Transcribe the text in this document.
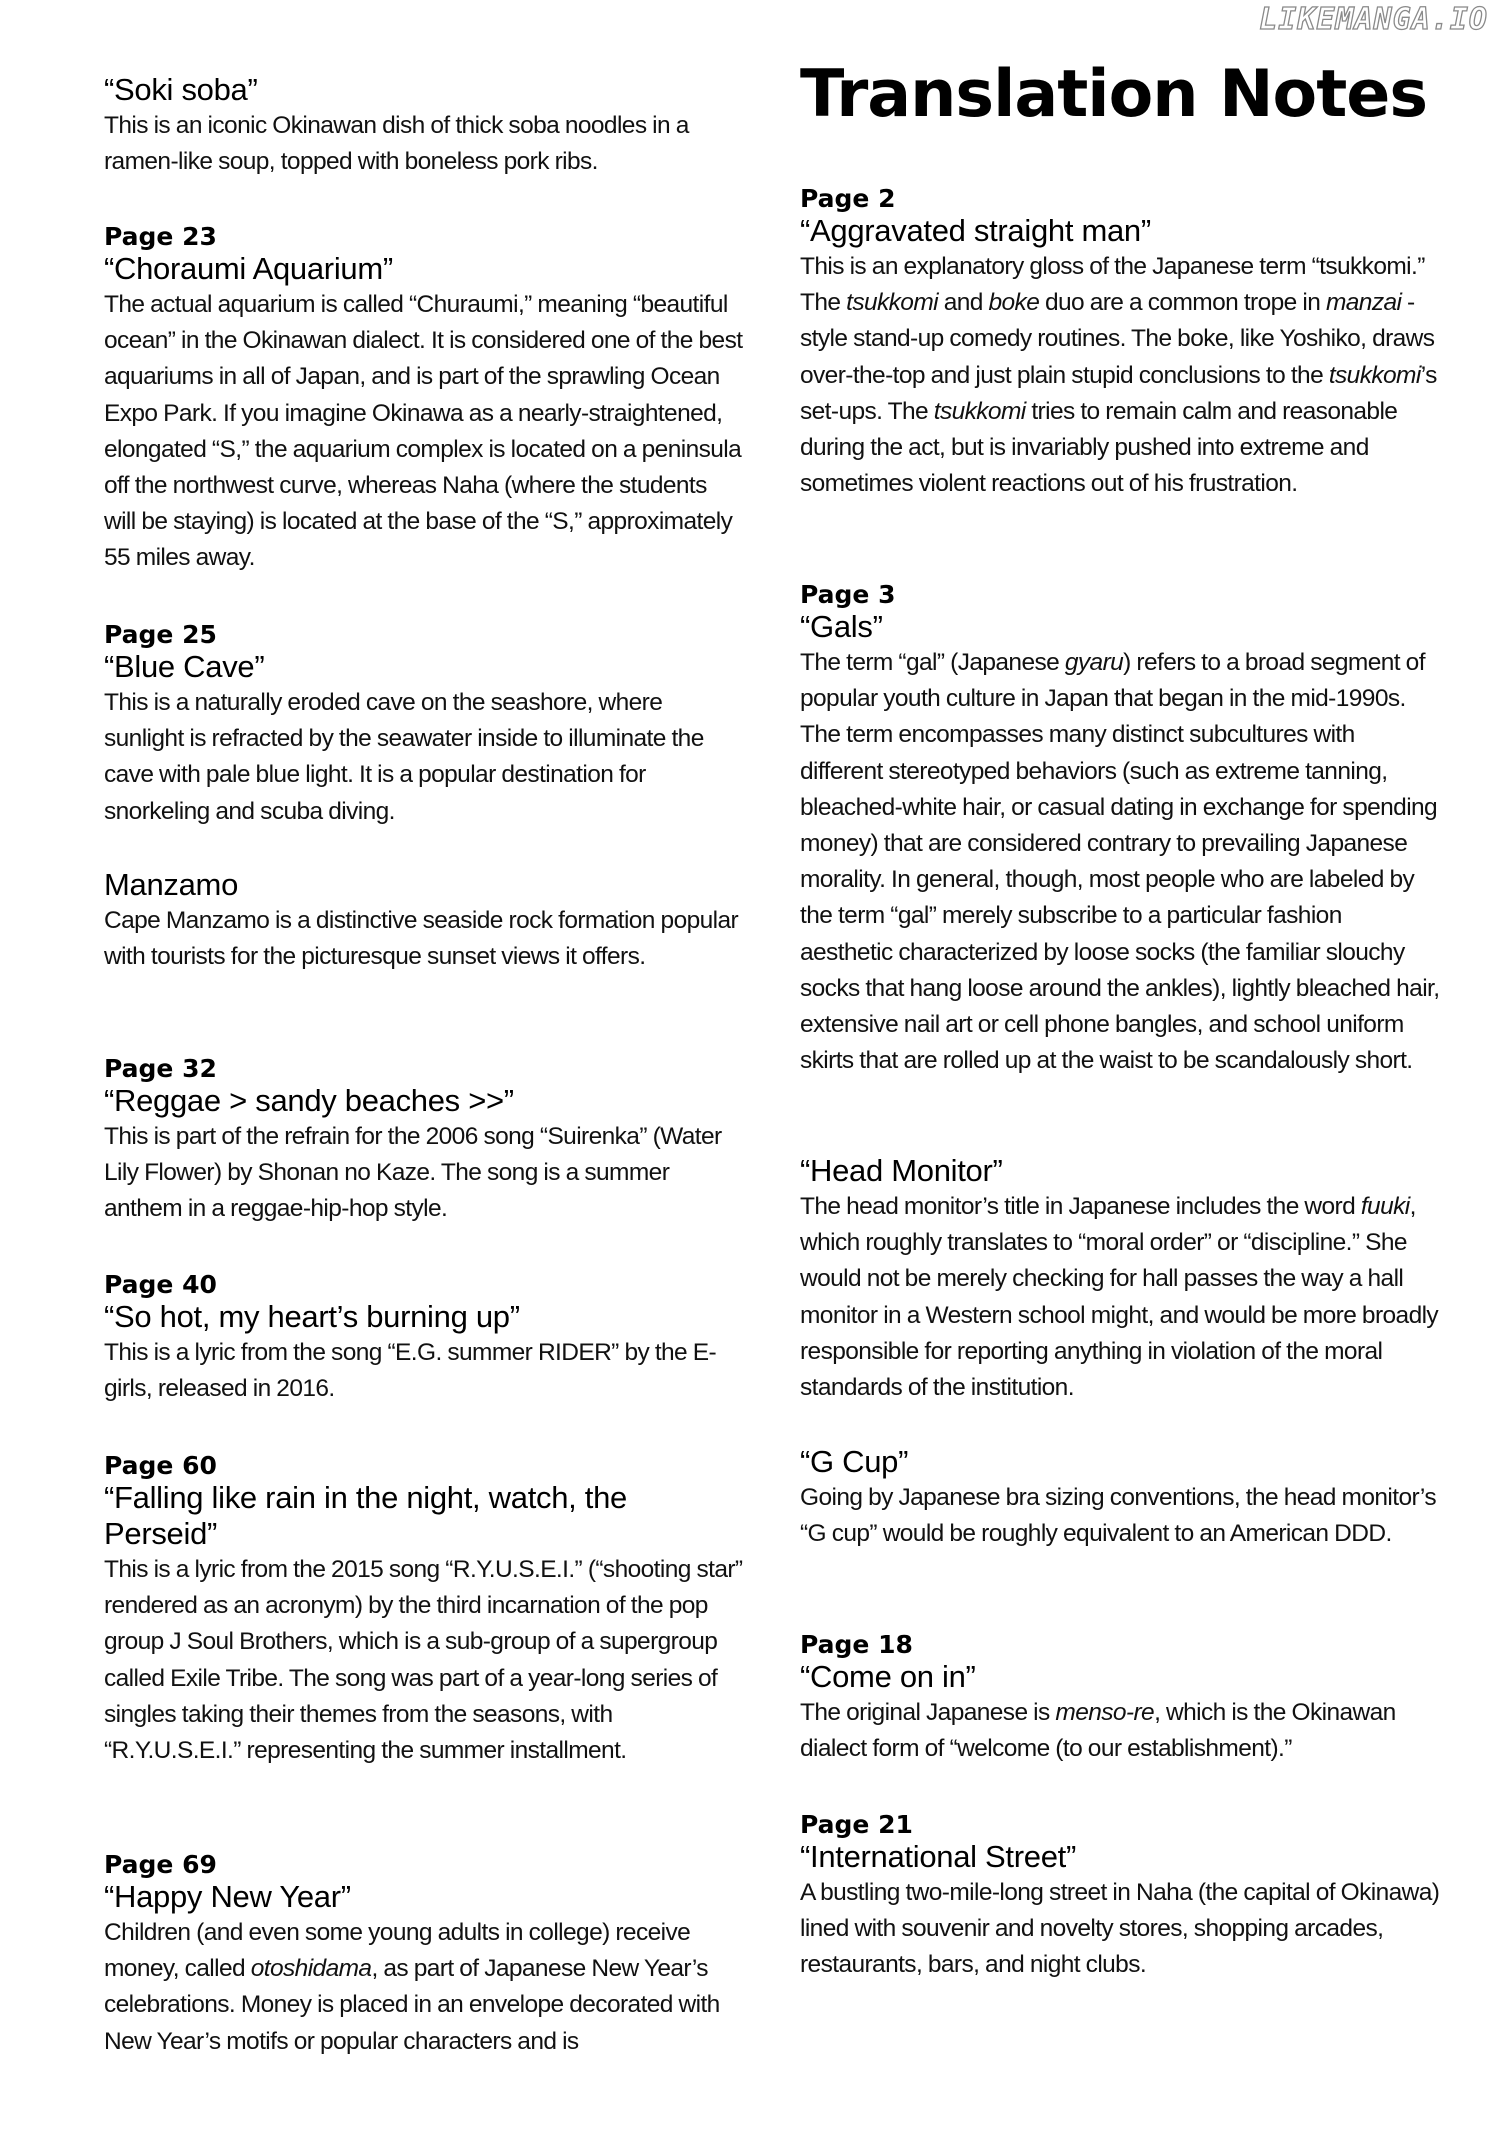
LIKEMANGA.IO
Translation Notes
“Soki soba”
This is an iconic Okinawan dish of thick soba noodles in a ramen-like soup, topped with boneless pork ribs.
Page 23
“Choraumi Aquarium”
The actual aquarium is called “Churaumi,” meaning “beautiful ocean” in the Okinawan dialect. It is considered one of the best aquariums in all of Japan, and is part of the sprawling Ocean Expo Park. If you imagine Okinawa as a nearly-straightened, elongated “S,” the aquarium complex is located on a peninsula off the northwest curve, whereas Naha (where the students will be staying) is located at the base of the “S,” approximately 55 miles away.
Page 25
“Blue Cave”
This is a naturally eroded cave on the seashore, where sunlight is refracted by the seawater inside to illuminate the cave with pale blue light. It is a popular destination for snorkeling and scuba diving.
Manzamo
Cape Manzamo is a distinctive seaside rock formation popular with tourists for the picturesque sunset views it offers.
Page 32
“Reggae > sandy beaches >>”
This is part of the refrain for the 2006 song “Suirenka” (Water Lily Flower) by Shonan no Kaze. The song is a summer anthem in a reggae-hip-hop style.
Page 40
“So hot, my heart’s burning up”
This is a lyric from the song “E.G. summer RIDER” by the E-girls, released in 2016.
Page 60
“Falling like rain in the night, watch, the Perseid”
This is a lyric from the 2015 song “R.Y.U.S.E.I.” (“shooting star” rendered as an acronym) by the third incarnation of the pop group J Soul Brothers, which is a sub-group of a supergroup called Exile Tribe. The song was part of a year-long series of singles taking their themes from the seasons, with “R.Y.U.S.E.I.” representing the summer installment.
Page 69
“Happy New Year”
Children (and even some young adults in college) receive money, called otoshidama, as part of Japanese New Year’s celebrations. Money is placed in an envelope decorated with New Year’s motifs or popular characters and is
Page 2
“Aggravated straight man”
This is an explanatory gloss of the Japanese term “tsukkomi.” The tsukkomi and boke duo are a common trope in manzai -style stand-up comedy routines. The boke, like Yoshiko, draws over-the-top and just plain stupid conclusions to the tsukkomi’s set-ups. The tsukkomi tries to remain calm and reasonable during the act, but is invariably pushed into extreme and sometimes violent reactions out of his frustration.
Page 3
“Gals”
The term “gal” (Japanese gyaru) refers to a broad segment of popular youth culture in Japan that began in the mid-1990s. The term encompasses many distinct subcultures with different stereotyped behaviors (such as extreme tanning, bleached-white hair, or casual dating in exchange for spending money) that are considered contrary to prevailing Japanese morality. In general, though, most people who are labeled by the term “gal” merely subscribe to a particular fashion aesthetic characterized by loose socks (the familiar slouchy socks that hang loose around the ankles), lightly bleached hair, extensive nail art or cell phone bangles, and school uniform skirts that are rolled up at the waist to be scandalously short.
“Head Monitor”
The head monitor’s title in Japanese includes the word fuuki, which roughly translates to “moral order” or “discipline.” She would not be merely checking for hall passes the way a hall monitor in a Western school might, and would be more broadly responsible for reporting anything in violation of the moral standards of the institution.
“G Cup”
Going by Japanese bra sizing conventions, the head monitor’s “G cup” would be roughly equivalent to an American DDD.
Page 18
“Come on in”
The original Japanese is menso-re, which is the Okinawan dialect form of “welcome (to our establishment).”
Page 21
“International Street”
A bustling two-mile-long street in Naha (the capital of Okinawa) lined with souvenir and novelty stores, shopping arcades, restaurants, bars, and night clubs.
